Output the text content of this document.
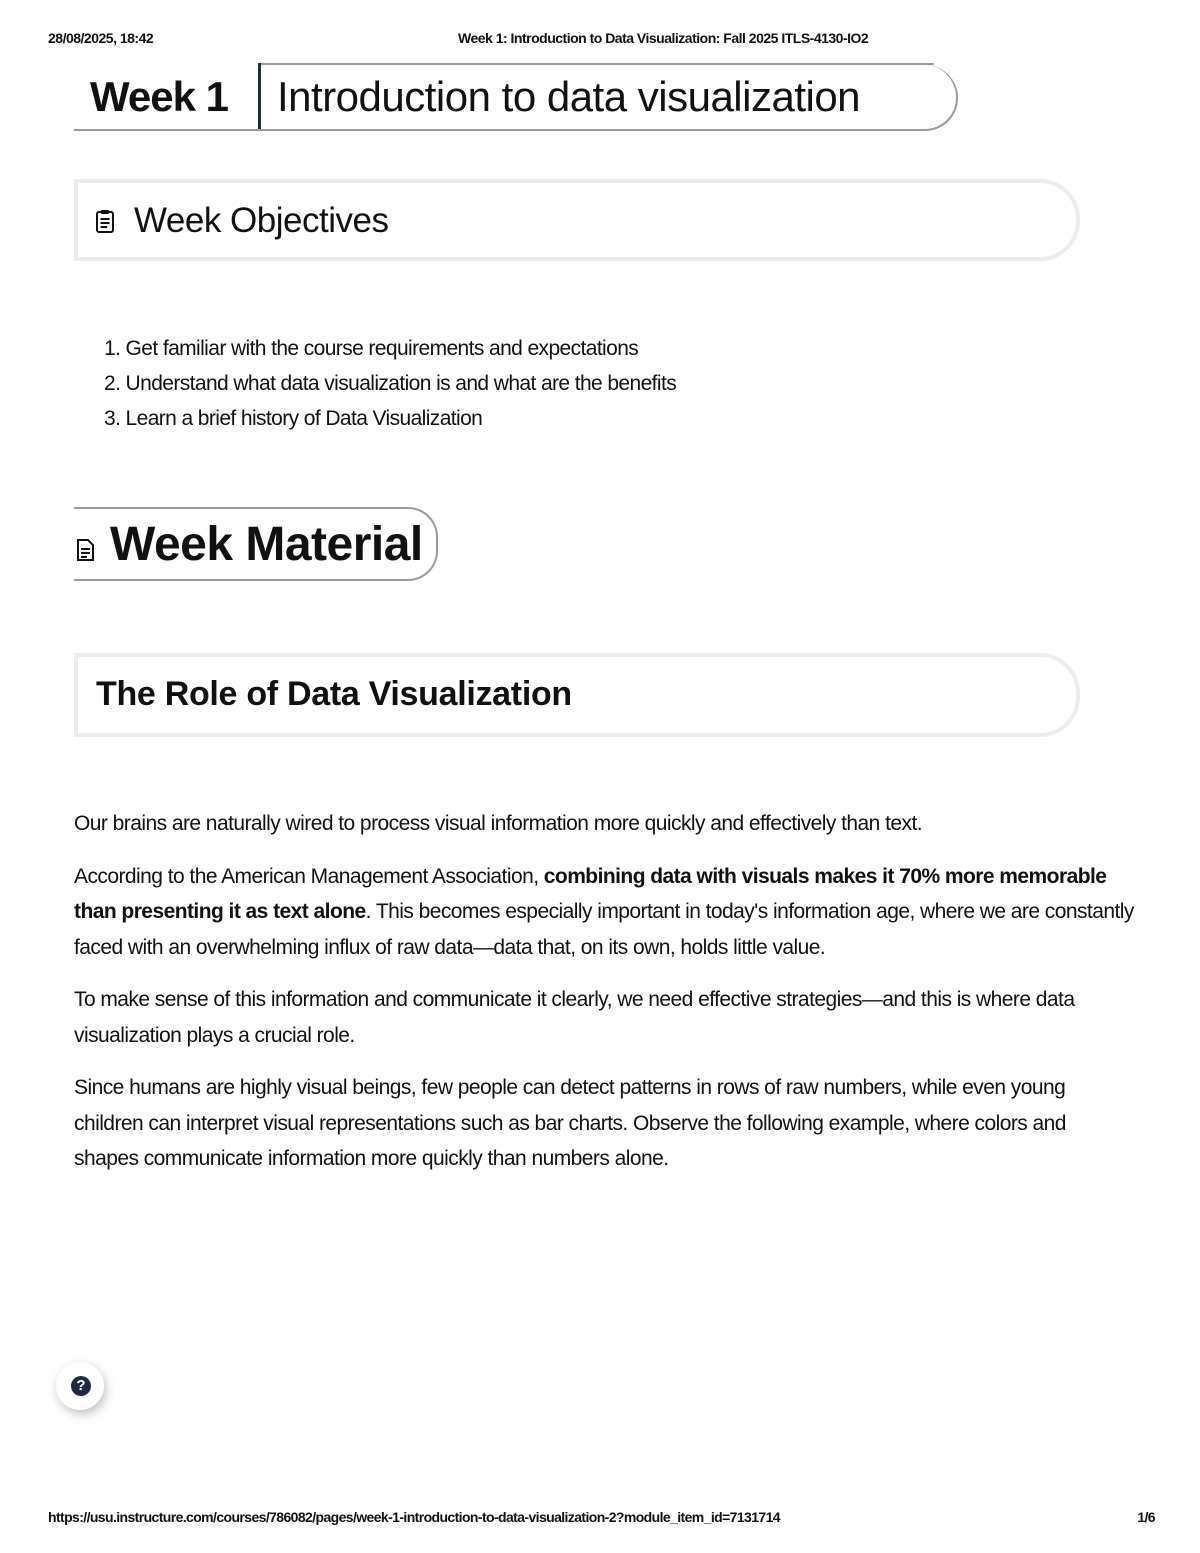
28/08/2025, 18:42	Week 1: Introduction to Data Visualization: Fall 2025 ITLS-4130-IO2
Week 1 Introduction to data visualization
Week Objectives
1. Get familiar with the course requirements and expectations
2. Understand what data visualization is and what are the benefits
3. Learn a brief history of Data Visualization
Week Material
The Role of Data Visualization

Our brains are naturally wired to process visual information more quickly and effectively than text.

According to the American Management Association, combining data with visuals makes it 70% more memorable than presenting it as text alone. This becomes especially important in today's information age, where we are constantly faced with an overwhelming influx of raw data—data that, on its own, holds little value.

To make sense of this information and communicate it clearly, we need effective strategies—and this is where data visualization plays a crucial role.

Since humans are highly visual beings, few people can detect patterns in rows of raw numbers, while even young children can interpret visual representations such as bar charts. Observe the following example, where colors and shapes communicate information more quickly than numbers alone.

?
https://usu.instructure.com/courses/786082/pages/week-1-introduction-to-data-visualization-2?module_item_id=7131714	1/6
